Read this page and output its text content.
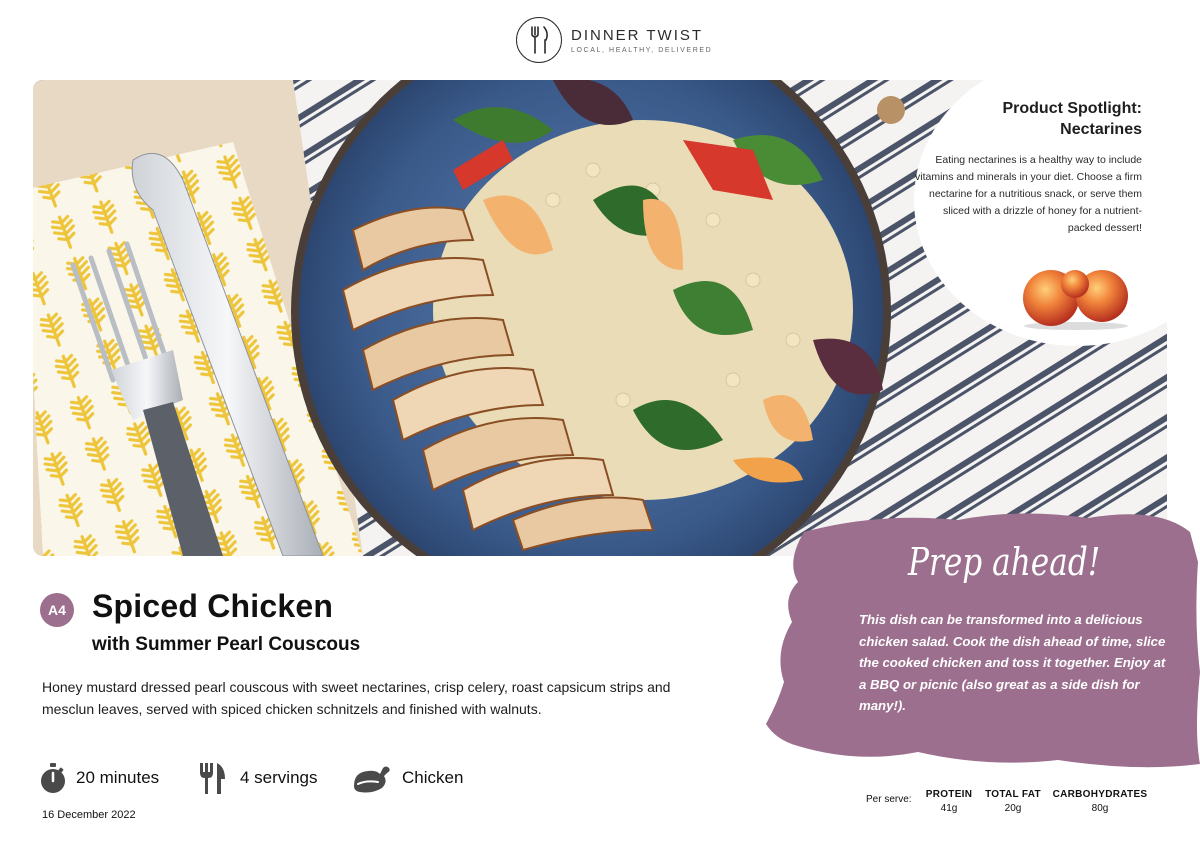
DINNER TWIST
LOCAL, HEALTHY, DELIVERED
Product Spotlight:
Nectarines
Eating nectarines is a healthy way to include vitamins and minerals in your diet. Choose a firm nectarine for a nutritious snack, or serve them sliced with a drizzle of honey for a nutrient-packed dessert!
A4 Spiced Chicken
with Summer Pearl Couscous
Honey mustard dressed pearl couscous with sweet nectarines, crisp celery, roast capsicum strips and mesclun leaves, served with spiced chicken schnitzels and finished with walnuts.
20 minutes	4 servings	Chicken
16 December 2022
Prep ahead!
This dish can be transformed into a delicious chicken salad. Cook the dish ahead of time, slice the cooked chicken and toss it together. Enjoy at a BBQ or picnic (also great as a side dish for many!).
Per serve: PROTEIN
41g
TOTAL FAT
20g
CARBOHYDRATES
80g
